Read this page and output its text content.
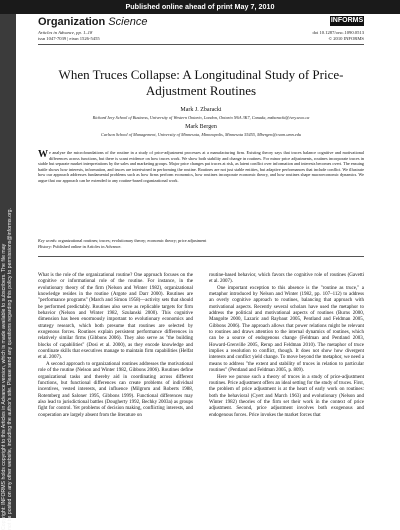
Published online ahead of print May 7, 2010
Copyright: INFORMS holds copyright to this Articles in Advance version, which is made available to subscribers. The file may not be posted on any other website, including the author's site. Please send any questions regarding this policy to permissions@informs.org.
Organization Science	INFORMS
Articles in Advance, pp. 1–18
issn 1047-7039 | eissn 1526-5455
doi 10.1287/orsc.1090.0513
© 2010 INFORMS
When Truces Collapse: A Longitudinal Study of Price-Adjustment Routines
Mark J. Zbaracki
Richard Ivey School of Business, University of Western Ontario, London, Ontario N6A 3K7, Canada, mzbaracki@ivey.uwo.ca
Mark Bergen
Carlson School of Management, University of Minnesota, Minneapolis, Minnesota 55455, Mbergen@csom.umn.edu
We analyze the microfoundations of the routine in a study of price-adjustment processes at a manufacturing firm. Existing theory says that truces balance cognitive and motivational differences across functions, but there is scant evidence on how truces work. We show both stability and change in routines. For minor price adjustments, routines incorporate truces in stable but separate market interpretations by the sales and marketing groups. Major price changes put truces at risk, as latent conflict over information and interests becomes overt. The ensuing battle shows how interests, information, and truces are intertwined in performing the routine. Routines are not just stable entities, but adaptive performances that include conflict. We illustrate how our approach addresses fundamental problems such as how firms perform economics, how routines incorporate economic theory, and how routines shape macroeconomic dynamics. We argue that our approach can be extended to any routine-based organizational work.
Key words: organizational routines; truces; evolutionary theory; economic theory; price adjustment
History: Published online in Articles in Advance.

What is the role of the organizational routine? One approach focuses on the cognitive or informational role of the routine. For instance, in the evolutionary theory of the firm (Nelson and Winter 1982), organizational knowledge resides in the routine (Argote and Darr 2000). Routines are "performance programs" (March and Simon 1958)—activity sets that should be performed predictably. Routines also serve as replicable targets for firm behavior (Nelson and Winter 1982, Szulanski 2000). This cognitive dimension has been enormously important to evolutionary economics and strategy research, which both presume that routines are selected by exogenous forces. Routines explain persistent performance differences in relatively similar firms (Gibbons 2006). They also serve as "the building blocks of capabilities" (Dosi et al. 2000), as they encode knowledge and coordinate skills that executives manage to maintain firm capabilities (Helfat et al. 2007).

A second approach to organizational routines addresses the motivational role of the routine (Nelson and Winter 1982, Gibbons 2006). Routines define organizational tasks and thereby aid in coordinating across different functions, but functional differences can create problems of individual incentives, vested interests, and influence (Milgrom and Roberts 1988, Rotemberg and Saloner 1995, Gibbons 1999). Functional differences may also lead to jurisdictional battles (Dougherty 1992, Bechky 2003a) as groups fight for control. Yet problems of decision making, conflicting interests, and cooperation are largely absent from the literature on

routine-based behavior, which favors the cognitive role of routines (Gavetti et al. 2007).

One important exception to this absence is the "routine as truce," a metaphor introduced by Nelson and Winter (1982, pp. 107–112) to address an overly cognitive approach to routines, balancing that approach with motivational aspects. Recently several scholars have used the metaphor to address the political and motivational aspects of routines (Burns 2000, Mangolte 2000, Lazaric and Raybaut 2005, Pentland and Feldman 2005, Gibbons 2006). The approach allows that power relations might be relevant to routines and draws attention to the internal dynamics of routines, which can be a source of endogenous change (Feldman and Pentland 2003, Howard-Grenville 2005, Rerup and Feldman 2010). The metaphor of truce implies a resolution to conflict, though. It does not show how divergent interests and conflict yield change. To move beyond the metaphor, we need a means to address "the extent and stability of truces in relation to particular routines" (Pentland and Feldman 2005, p. 809).

Here we pursue such a theory of truces in a study of price-adjustment routines. Price adjustment offers an ideal setting for the study of truces. First, the problem of price adjustment is at the heart of early work on routines: both the behavioral (Cyert and March 1963) and evolutionary (Nelson and Winter 1982) theories of the firm set their work in the context of price adjustment. Second, price adjustment involves both exogenous and endogenous forces. Price invokes the market forces that
